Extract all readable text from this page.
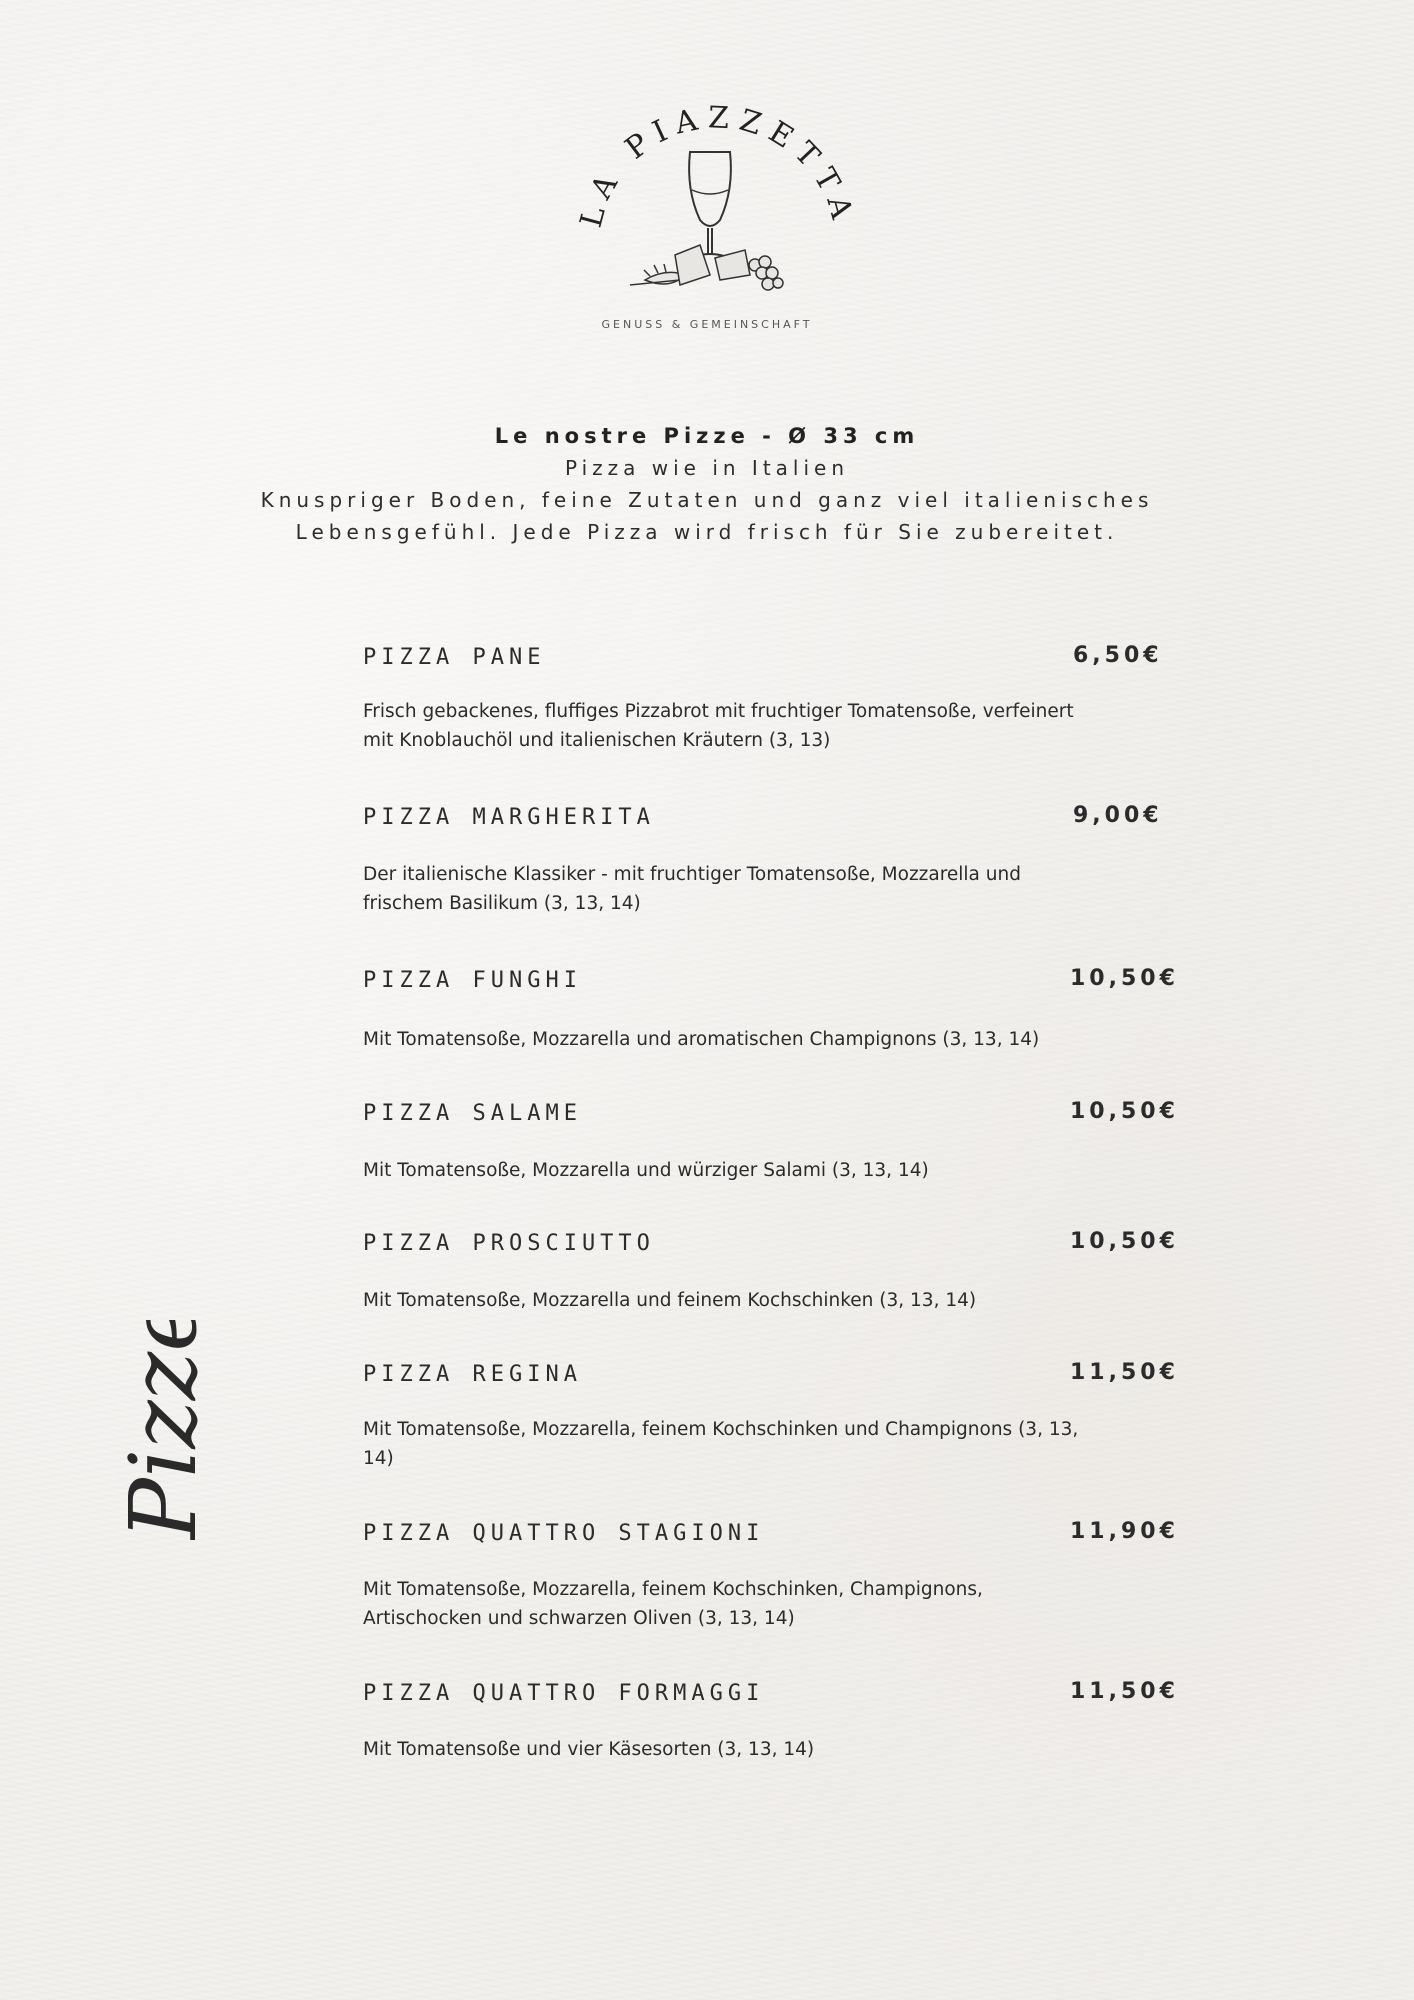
LA PIAZZETTA
GENUSS & GEMEINSCHAFT
Le nostre Pizze - Ø 33 cm
Pizza wie in Italien
Knuspriger Boden, feine Zutaten und ganz viel italienisches
Lebensgefühl. Jede Pizza wird frisch für Sie zubereitet.
Pizze
PIZZA PANE	6,50€
Frisch gebackenes, fluffiges Pizzabrot mit fruchtiger Tomatensoße, verfeinert mit Knoblauchöl und italienischen Kräutern (3, 13)
PIZZA MARGHERITA	9,00€
Der italienische Klassiker - mit fruchtiger Tomatensoße, Mozzarella und frischem Basilikum (3, 13, 14)
PIZZA FUNGHI	10,50€
Mit Tomatensoße, Mozzarella und aromatischen Champignons (3, 13, 14)
PIZZA SALAME	10,50€
Mit Tomatensoße, Mozzarella und würziger Salami (3, 13, 14)
PIZZA PROSCIUTTO	10,50€
Mit Tomatensoße, Mozzarella und feinem Kochschinken (3, 13, 14)
PIZZA REGINA	11,50€
Mit Tomatensoße, Mozzarella, feinem Kochschinken und Champignons (3, 13, 14)
PIZZA QUATTRO STAGIONI	11,90€
Mit Tomatensoße, Mozzarella, feinem Kochschinken, Champignons, Artischocken und schwarzen Oliven (3, 13, 14)
PIZZA QUATTRO FORMAGGI	11,50€
Mit Tomatensoße und vier Käsesorten (3, 13, 14)
